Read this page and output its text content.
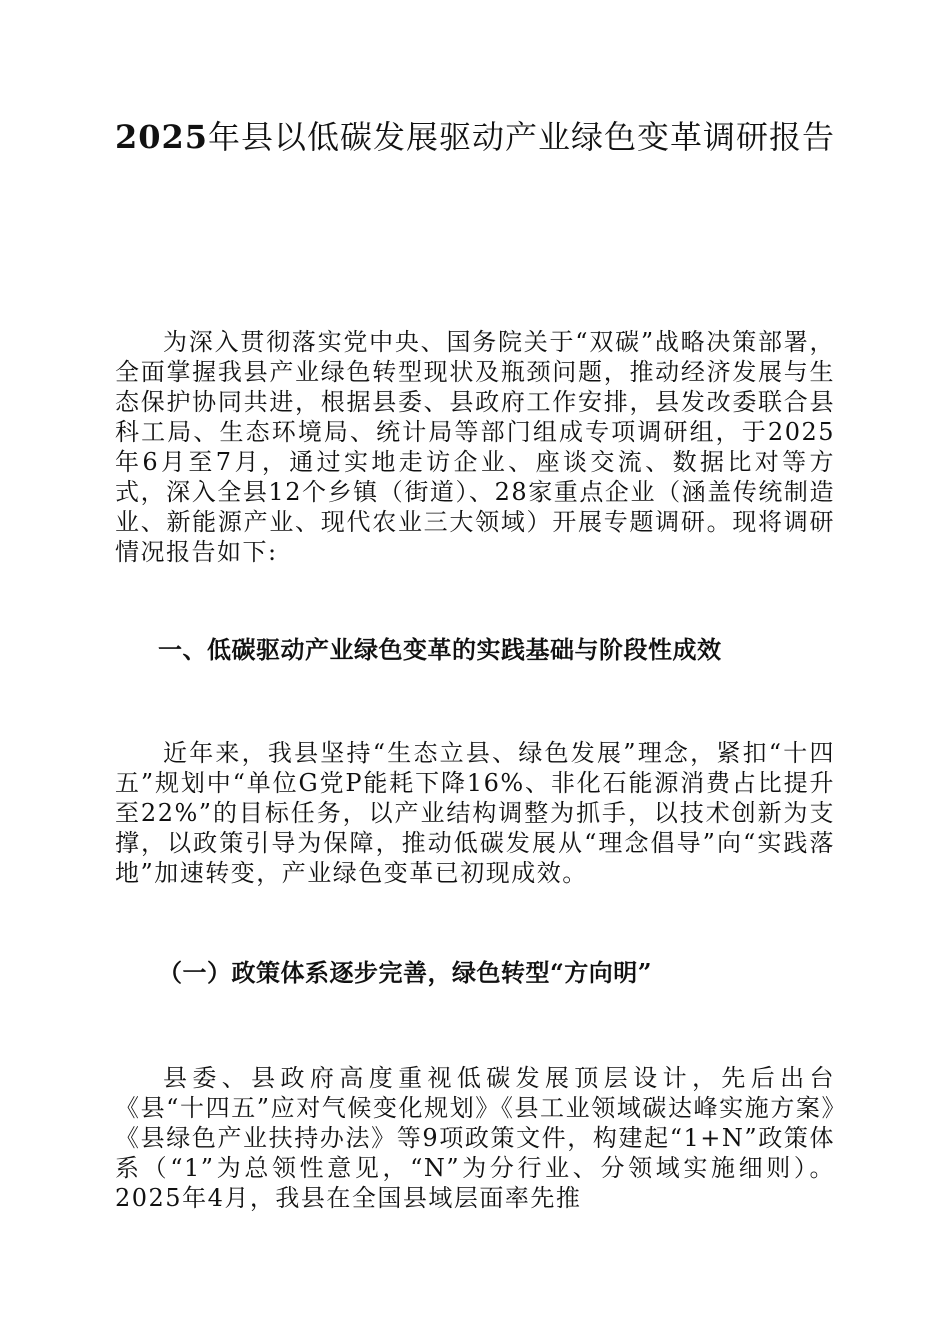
2025年县以低碳发展驱动产业绿色变革调研报告

为深入贯彻落实党中央、国务院关于“双碳”战略决策部署，全面掌握我县产业绿色转型现状及瓶颈问题，推动经济发展与生态保护协同共进，根据县委、县政府工作安排，县发改委联合县科工局、生态环境局、统计局等部门组成专项调研组，于2025年6月至7月，通过实地走访企业、座谈交流、数据比对等方式，深入全县12个乡镇（街道）、28家重点企业（涵盖传统制造业、新能源产业、现代农业三大领域）开展专题调研。现将调研情况报告如下:

一、低碳驱动产业绿色变革的实践基础与阶段性成效

近年来，我县坚持“生态立县、绿色发展”理念，紧扣“十四五”规划中“单位G党P能耗下降16%、非化石能源消费占比提升至22%”的目标任务，以产业结构调整为抓手，以技术创新为支撑，以政策引导为保障，推动低碳发展从“理念倡导”向“实践落地”加速转变，产业绿色变革已初现成效。

（一）政策体系逐步完善，绿色转型“方向明”

县委、县政府高度重视低碳发展顶层设计，先后出台《县“十四五”应对气候变化规划》《县工业领域碳达峰实施方案》《县绿色产业扶持办法》等9项政策文件，构建起“1+N”政策体系（“1”为总领性意见，“N”为分行业、分领域实施细则）。2025年4月，我县在全国县域层面率先推
